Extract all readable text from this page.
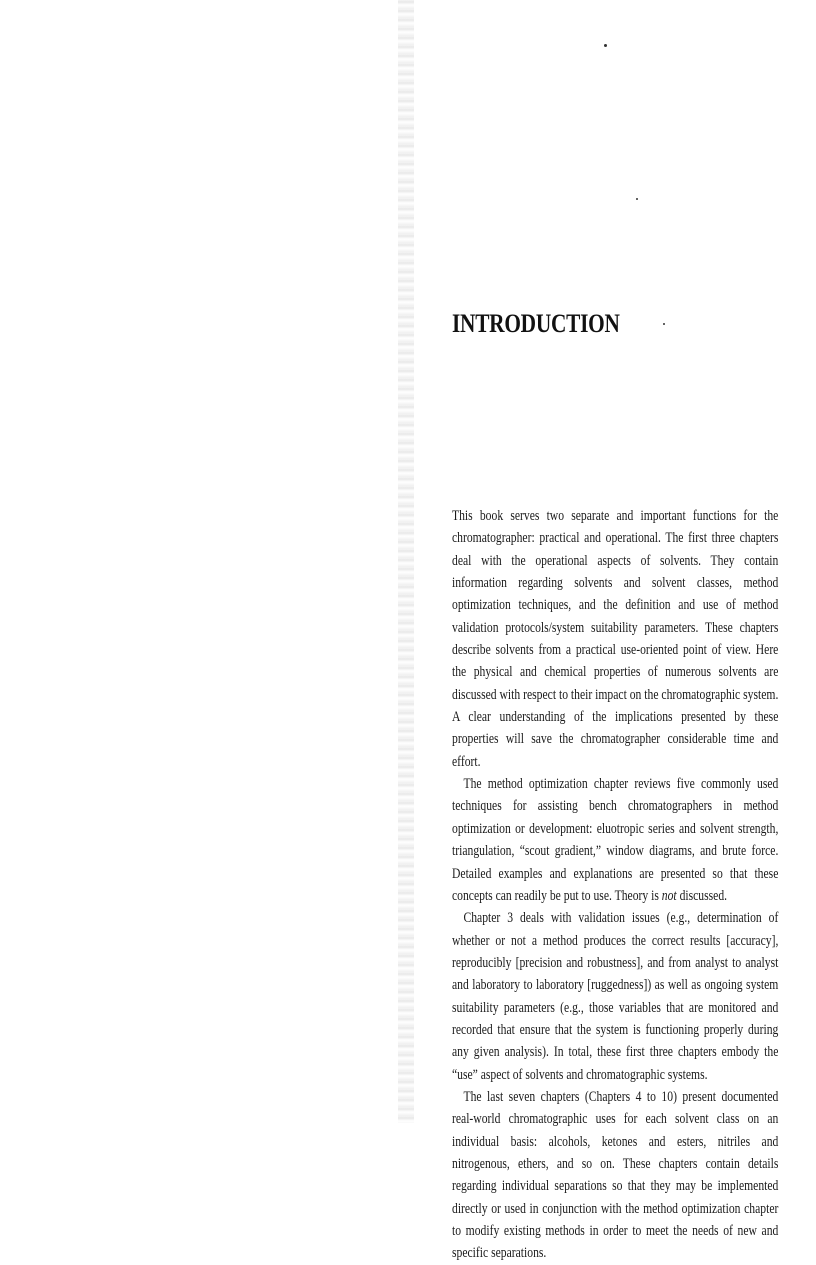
INTRODUCTION

This book serves two separate and important functions for the chromatographer: practical and operational. The first three chapters deal with the operational aspects of solvents. They contain information regarding solvents and solvent classes, method optimization techniques, and the definition and use of method validation protocols/system suitability parameters. These chapters describe solvents from a practical use-oriented point of view. Here the physical and chemical properties of numerous solvents are discussed with respect to their impact on the chromatographic system. A clear understanding of the implications presented by these properties will save the chromatographer considerable time and effort.

The method optimization chapter reviews five commonly used techniques for assisting bench chromatographers in method optimization or development: eluotropic series and solvent strength, triangulation, “scout gradient,” window diagrams, and brute force. Detailed examples and explanations are presented so that these concepts can readily be put to use. Theory is not discussed.

Chapter 3 deals with validation issues (e.g., determination of whether or not a method produces the correct results [accuracy], reproducibly [precision and robustness], and from analyst to analyst and laboratory to laboratory [ruggedness]) as well as ongoing system suitability parameters (e.g., those variables that are monitored and recorded that ensure that the system is functioning properly during any given analysis). In total, these first three chapters embody the “use” aspect of solvents and chromatographic systems.

The last seven chapters (Chapters 4 to 10) present documented real-world chromatographic uses for each solvent class on an individual basis: alcohols, ketones and esters, nitriles and nitrogenous, ethers, and so on. These chapters contain details regarding individual separations so that they may be implemented directly or used in conjunction with the method optimization chapter to modify existing methods in order to meet the needs of new and specific separations.
